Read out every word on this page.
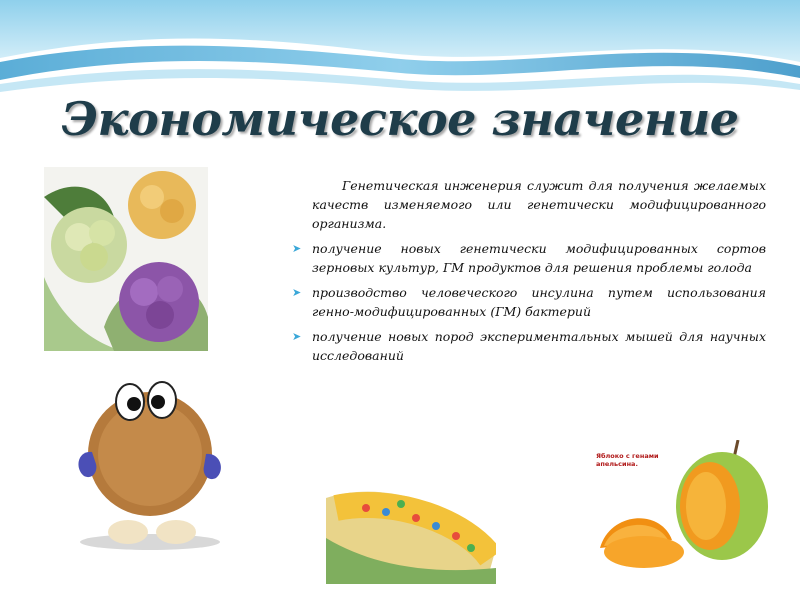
Экономическое значение
Яблоко с генами апельсина.

Генетическая инженерия служит для получения желаемых качеств изменяемого или генетически модифицированного организма.

➤ получение новых генетически модифицированных сортов зерновых культур, ГМ продуктов для решения проблемы голода
➤ производство человеческого инсулина путем использования генно-модифицированных (ГМ) бактерий
➤ получение новых пород экспериментальных мышей для научных исследований
